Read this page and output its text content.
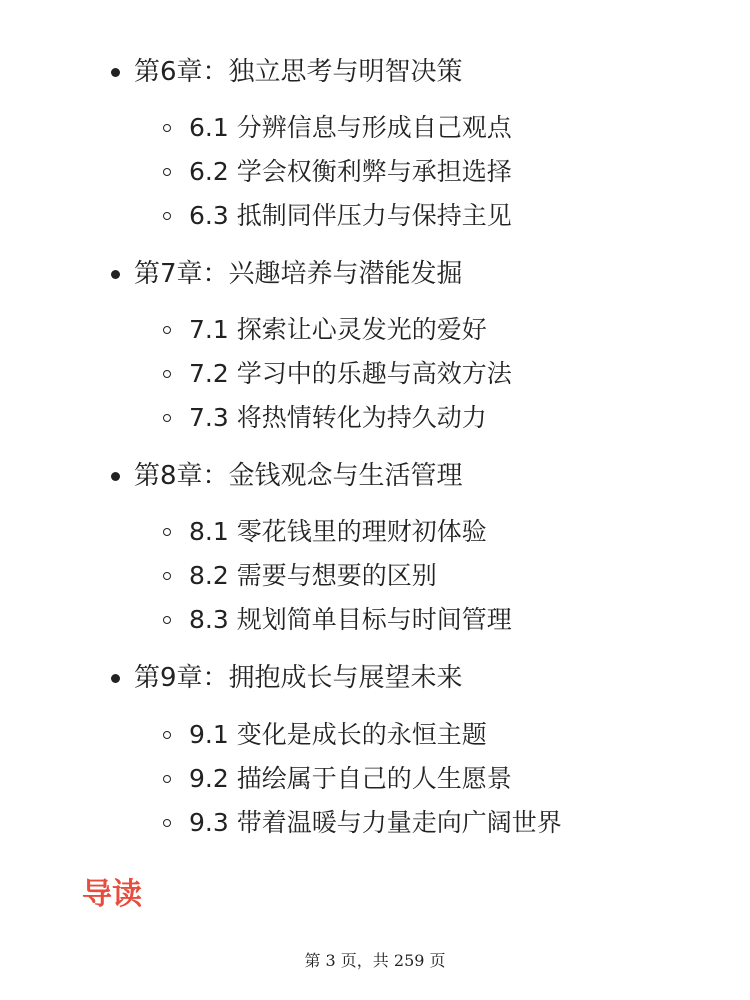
第6章：独立思考与明智决策
6.1 分辨信息与形成自己观点
6.2 学会权衡利弊与承担选择
6.3 抵制同伴压力与保持主见
第7章：兴趣培养与潜能发掘
7.1 探索让心灵发光的爱好
7.2 学习中的乐趣与高效方法
7.3 将热情转化为持久动力
第8章：金钱观念与生活管理
8.1 零花钱里的理财初体验
8.2 需要与想要的区别
8.3 规划简单目标与时间管理
第9章：拥抱成长与展望未来
9.1 变化是成长的永恒主题
9.2 描绘属于自己的人生愿景
9.3 带着温暖与力量走向广阔世界
导读
第 3 页，共 259 页
